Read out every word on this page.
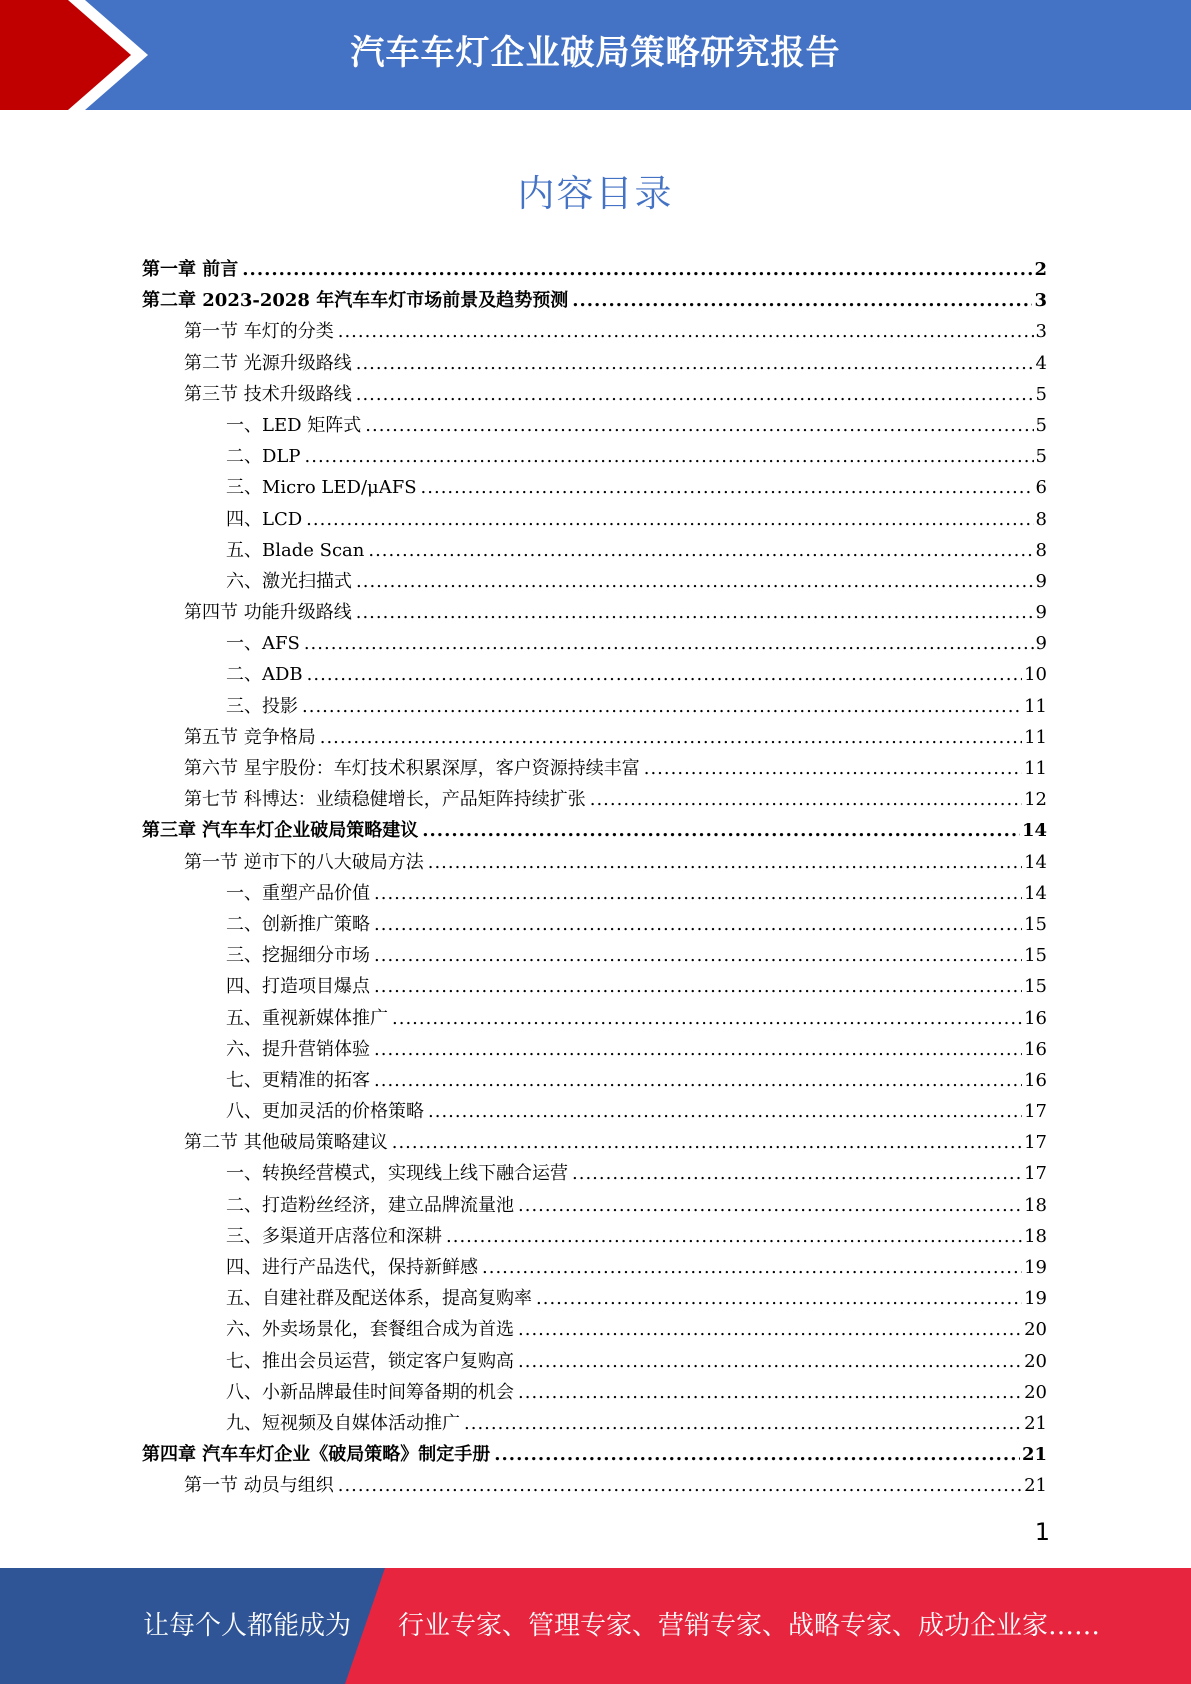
汽车车灯企业破局策略研究报告
内容目录
第一章 前言 .....	2
第二章 2023-2028 年汽车车灯市场前景及趋势预测 .....	3
第一节 车灯的分类 .....	3
第二节 光源升级路线 .....	4
第三节 技术升级路线 .....	5
一、LED 矩阵式 .....	5
二、DLP .....	5
三、Micro LED/μAFS .....	6
四、LCD .....	8
五、Blade Scan .....	8
六、激光扫描式 .....	9
第四节 功能升级路线 .....	9
一、AFS .....	9
二、ADB .....	10
三、投影 .....	11
第五节 竞争格局 .....	11
第六节 星宇股份：车灯技术积累深厚，客户资源持续丰富 .....	11
第七节 科博达：业绩稳健增长，产品矩阵持续扩张 .....	12
第三章 汽车车灯企业破局策略建议 .....	14
第一节 逆市下的八大破局方法 .....	14
一、重塑产品价值 .....	14
二、创新推广策略 .....	15
三、挖掘细分市场 .....	15
四、打造项目爆点 .....	15
五、重视新媒体推广 .....	16
六、提升营销体验 .....	16
七、更精准的拓客 .....	16
八、更加灵活的价格策略 .....	17
第二节 其他破局策略建议 .....	17
一、转换经营模式，实现线上线下融合运营 .....	17
二、打造粉丝经济，建立品牌流量池 .....	18
三、多渠道开店落位和深耕 .....	18
四、进行产品迭代，保持新鲜感 .....	19
五、自建社群及配送体系，提高复购率 .....	19
六、外卖场景化，套餐组合成为首选 .....	20
七、推出会员运营，锁定客户复购高 .....	20
八、小新品牌最佳时间筹备期的机会 .....	20
九、短视频及自媒体活动推广 .....	21
第四章 汽车车灯企业《破局策略》制定手册 .....	21
第一节 动员与组织 .....	21
1
让每个人都能成为 行业专家、管理专家、营销专家、战略专家、成功企业家……
